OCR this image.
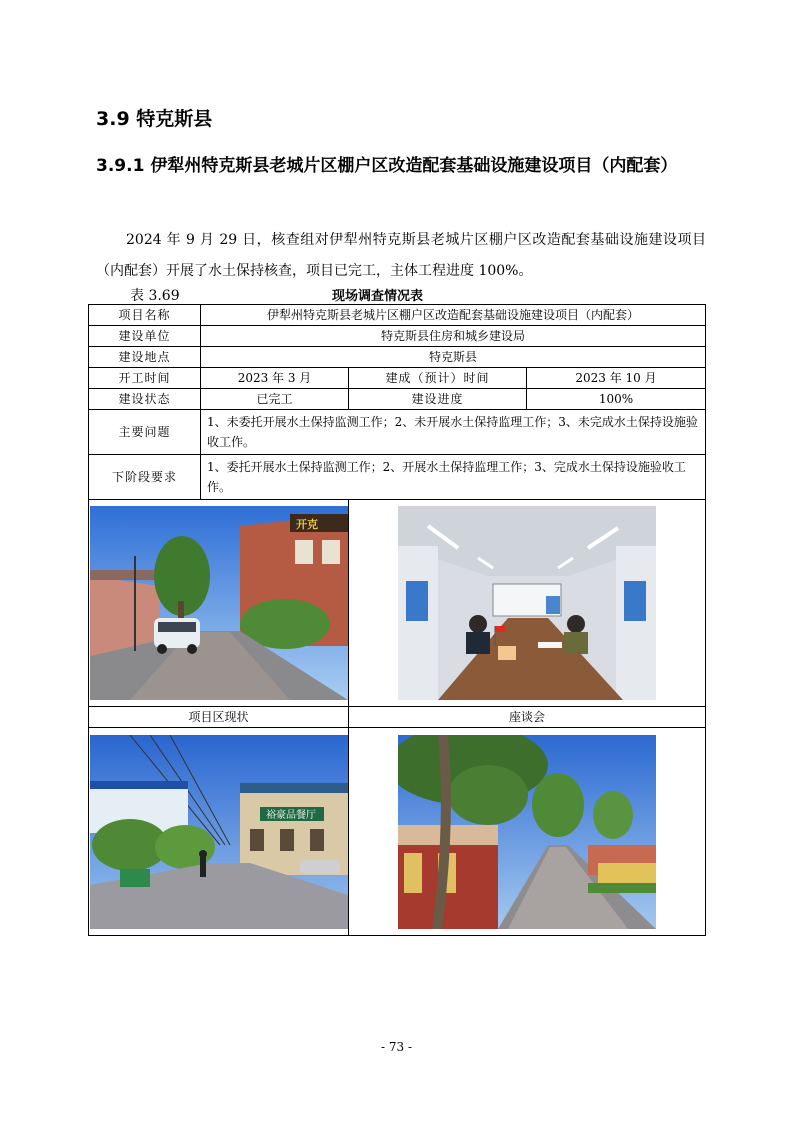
3.9 特克斯县
3.9.1 伊犁州特克斯县老城片区棚户区改造配套基础设施建设项目（内配套）
2024 年 9 月 29 日，核查组对伊犁州特克斯县老城片区棚户区改造配套基础设施建设项目（内配套）开展了水土保持核查，项目已完工，主体工程进度 100%。
表 3.69	现场调查情况表
项目名称	伊犁州特克斯县老城片区棚户区改造配套基础设施建设项目（内配套）		
建设单位	特克斯县住房和城乡建设局		
建设地点	特克斯县		
开工时间	2023 年 3 月	建成（预计）时间	2023 年 10 月
建设状态	已完工	建设进度	100%
主要问题	1、未委托开展水土保持监测工作；2、未开展水土保持监理工作；3、未完成水土保持设施验收工作。		
下阶段要求	1、委托开展水土保持监测工作；2、开展水土保持监理工作；3、完成水土保持设施验收工作。		

开克

项目区现状		座谈会	

裕豪品餐厅

- 73 -
